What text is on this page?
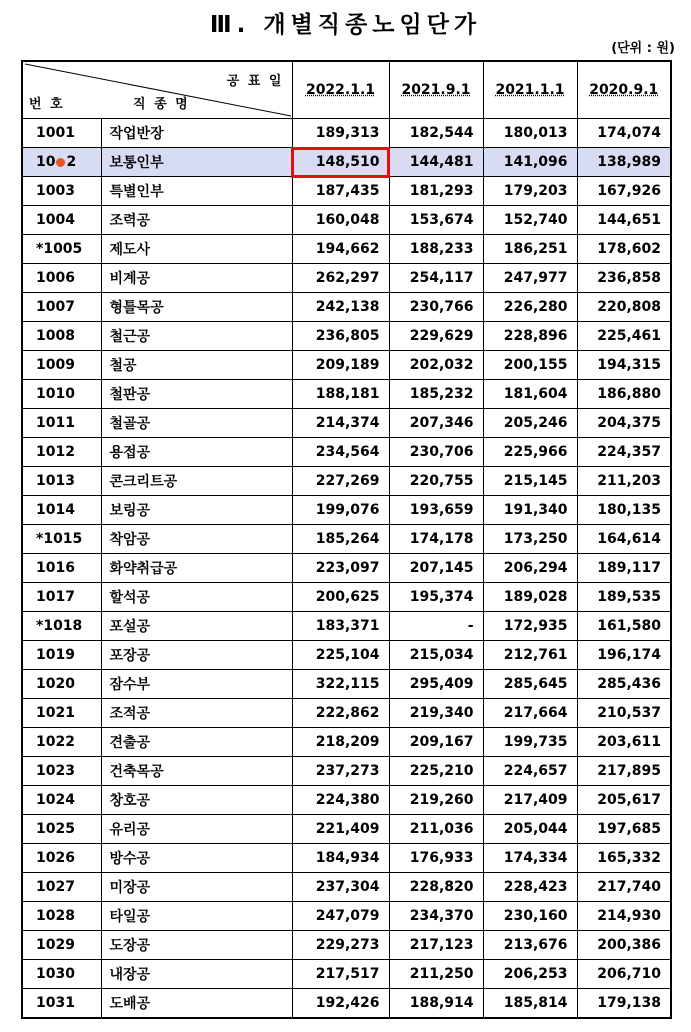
Ⅲ. 개별직종노임단가
(단위 : 원)
공 표 일
번 호 직 종 명		2022.1.1	2021.9.1	2021.1.1	2020.9.1
1001	작업반장	189,313	182,544	180,013	174,074
10 2	보통인부	148,510	144,481	141,096	138,989
1003	특별인부	187,435	181,293	179,203	167,926
1004	조력공	160,048	153,674	152,740	144,651
*1005	제도사	194,662	188,233	186,251	178,602
1006	비계공	262,297	254,117	247,977	236,858
1007	형틀목공	242,138	230,766	226,280	220,808
1008	철근공	236,805	229,629	228,896	225,461
1009	철공	209,189	202,032	200,155	194,315
1010	철판공	188,181	185,232	181,604	186,880
1011	철골공	214,374	207,346	205,246	204,375
1012	용접공	234,564	230,706	225,966	224,357
1013	콘크리트공	227,269	220,755	215,145	211,203
1014	보링공	199,076	193,659	191,340	180,135
*1015	착암공	185,264	174,178	173,250	164,614
1016	화약취급공	223,097	207,145	206,294	189,117
1017	할석공	200,625	195,374	189,028	189,535
*1018	포설공	183,371	-	172,935	161,580
1019	포장공	225,104	215,034	212,761	196,174
1020	잠수부	322,115	295,409	285,645	285,436
1021	조적공	222,862	219,340	217,664	210,537
1022	견출공	218,209	209,167	199,735	203,611
1023	건축목공	237,273	225,210	224,657	217,895
1024	창호공	224,380	219,260	217,409	205,617
1025	유리공	221,409	211,036	205,044	197,685
1026	방수공	184,934	176,933	174,334	165,332
1027	미장공	237,304	228,820	228,423	217,740
1028	타일공	247,079	234,370	230,160	214,930
1029	도장공	229,273	217,123	213,676	200,386
1030	내장공	217,517	211,250	206,253	206,710
1031	도배공	192,426	188,914	185,814	179,138
